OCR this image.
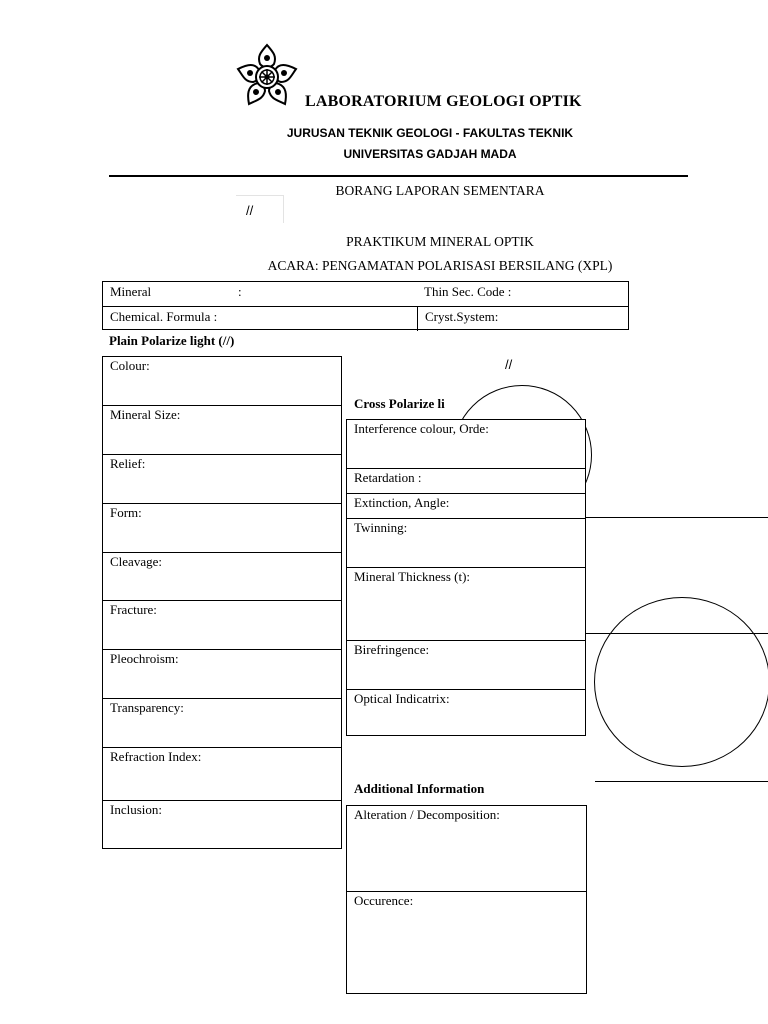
LABORATORIUM GEOLOGI OPTIK
JURUSAN TEKNIK GEOLOGI - FAKULTAS TEKNIK
UNIVERSITAS GADJAH MADA
BORANG LAPORAN SEMENTARA
//
PRAKTIKUM MINERAL OPTIK
ACARA: PENGAMATAN POLARISASI BERSILANG (XPL)
Mineral	:	Thin Sec. Code :
Chemical. Formula :	Cryst.System:
Plain Polarize light (//)
Colour:
Mineral Size:
Relief:
Form:
Cleavage:
Fracture:
Pleochroism:
Transparency:
Refraction Index:
Inclusion:
//
Cross Polarize li
Interference colour, Orde:
Retardation :
Extinction, Angle:
Twinning:
Mineral Thickness (t):
Birefringence:
Optical Indicatrix:
Additional Information
Alteration / Decomposition:
Occurence:
